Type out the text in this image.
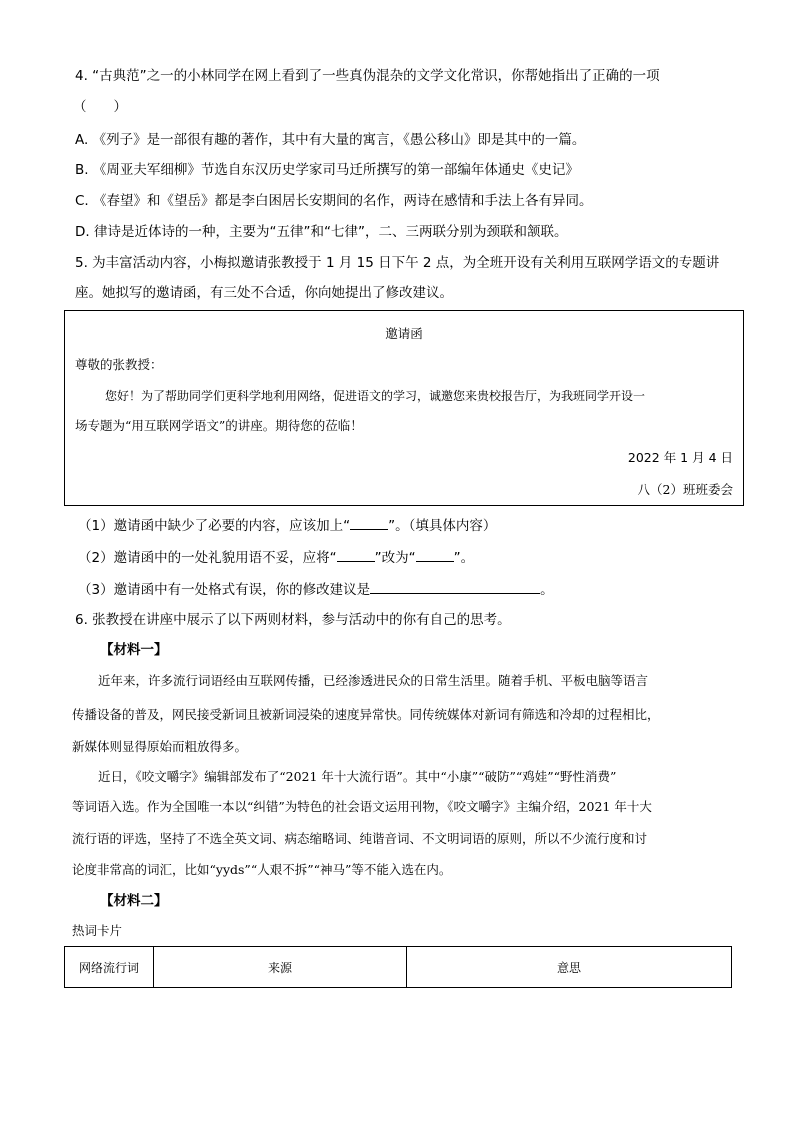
4. “古典范”之一的小林同学在网上看到了一些真伪混杂的文学文化常识，你帮她指出了正确的一项
（　　）
A. 《列子》是一部很有趣的著作，其中有大量的寓言，《愚公移山》即是其中的一篇。
B. 《周亚夫军细柳》节选自东汉历史学家司马迁所撰写的第一部编年体通史《史记》
C. 《春望》和《望岳》都是李白困居长安期间的名作，两诗在感情和手法上各有异同。
D. 律诗是近体诗的一种，主要为“五律”和“七律”，二、三两联分别为颈联和颔联。
5. 为丰富活动内容，小梅拟邀请张教授于 1 月 15 日下午 2 点，为全班开设有关利用互联网学语文的专题讲
座。她拟写的邀请函，有三处不合适，你向她提出了修改建议。
邀请函
尊敬的张教授：
您好！为了帮助同学们更科学地利用网络，促进语文的学习，诚邀您来贵校报告厅，为我班同学开设一
场专题为“用互联网学语文”的讲座。期待您的莅临！
2022 年 1 月 4 日
八（2）班班委会
（1）邀请函中缺少了必要的内容，应该加上“	”。（填具体内容）
（2）邀请函中的一处礼貌用语不妥，应将“	”改为“	”。
（3）邀请函中有一处格式有误，你的修改建议是	。
6. 张教授在讲座中展示了以下两则材料，参与活动中的你有自己的思考。
【材料一】
近年来，许多流行词语经由互联网传播，已经渗透进民众的日常生活里。随着手机、平板电脑等语言
传播设备的普及，网民接受新词且被新词浸染的速度异常快。同传统媒体对新词有筛选和冷却的过程相比，
新媒体则显得原始而粗放得多。
近日，《咬文嚼字》编辑部发布了“2021 年十大流行语”。其中“小康”“破防”“鸡娃”“野性消费”
等词语入选。作为全国唯一本以“纠错”为特色的社会语文运用刊物，《咬文嚼字》主编介绍，2021 年十大
流行语的评选，坚持了不选全英文词、病态缩略词、纯谐音词、不文明词语的原则，所以不少流行度和讨
论度非常高的词汇，比如“yyds”“人艰不拆”“神马”等不能入选在内。
【材料二】
热词卡片
网络流行词	来源	意思
